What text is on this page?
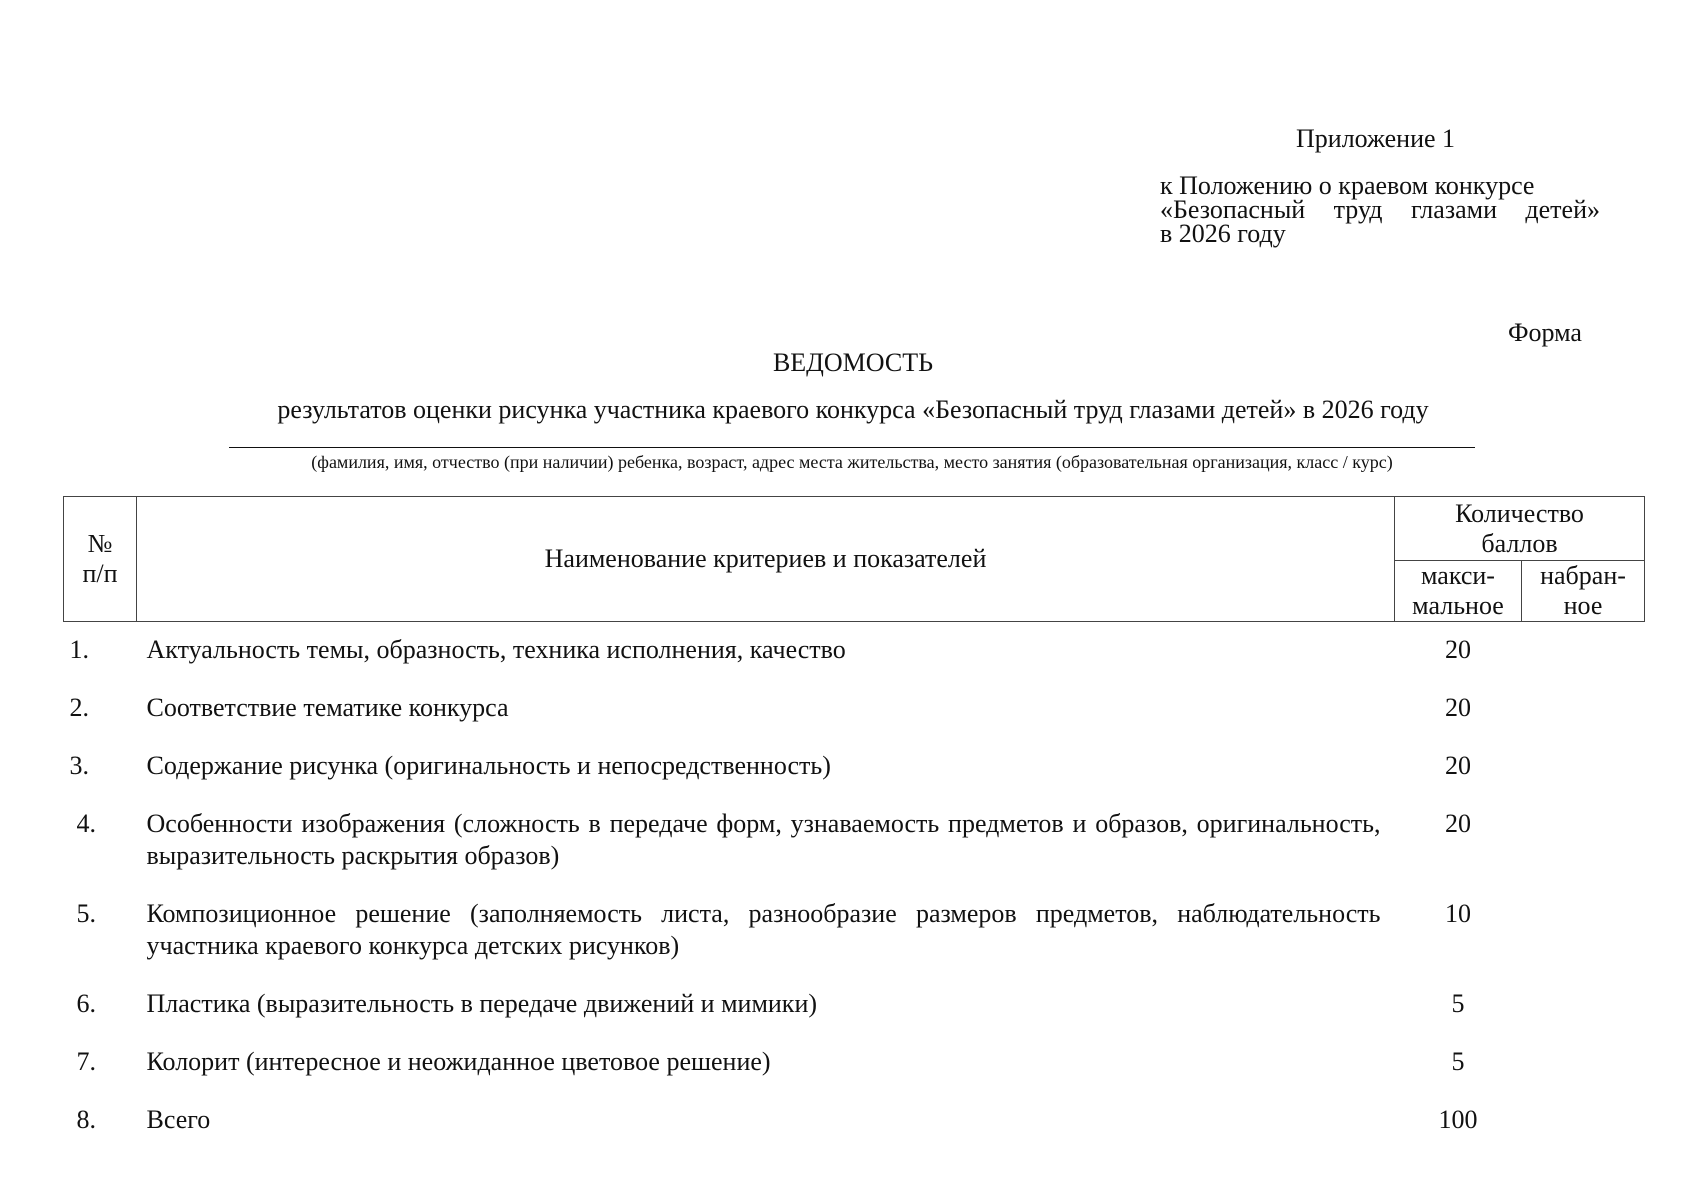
Приложение 1
к Положению о краевом конкурсе
«Безопасный труд глазами детей»
в 2026 году
Форма
ВЕДОМОСТЬ
результатов оценки рисунка участника краевого конкурса «Безопасный труд глазами детей» в 2026 году
(фамилия, имя, отчество (при наличии) ребенка, возраст, адрес места жительства, место занятия (образовательная организация, класс / курс)
№ п/п	Наименование критериев и показателей	Количество баллов	
		макси- мальное	набран- ное
1.	Актуальность темы, образность, техника исполнения, качество	20	
2.	Соответствие тематике конкурса	20	
3.	Содержание рисунка (оригинальность и непосредственность)	20	
4.	Особенности изображения (сложность в передаче форм, узнаваемость предметов и образов, оригинальность, выразительность раскрытия образов)	20	
5.	Композиционное решение (заполняемость листа, разнообразие размеров предметов, наблюдательность участника краевого конкурса детских рисунков)	10	
6.	Пластика (выразительность в передаче движений и мимики)	5	
7.	Колорит (интересное и неожиданное цветовое решение)	5	
8.	Всего	100	
